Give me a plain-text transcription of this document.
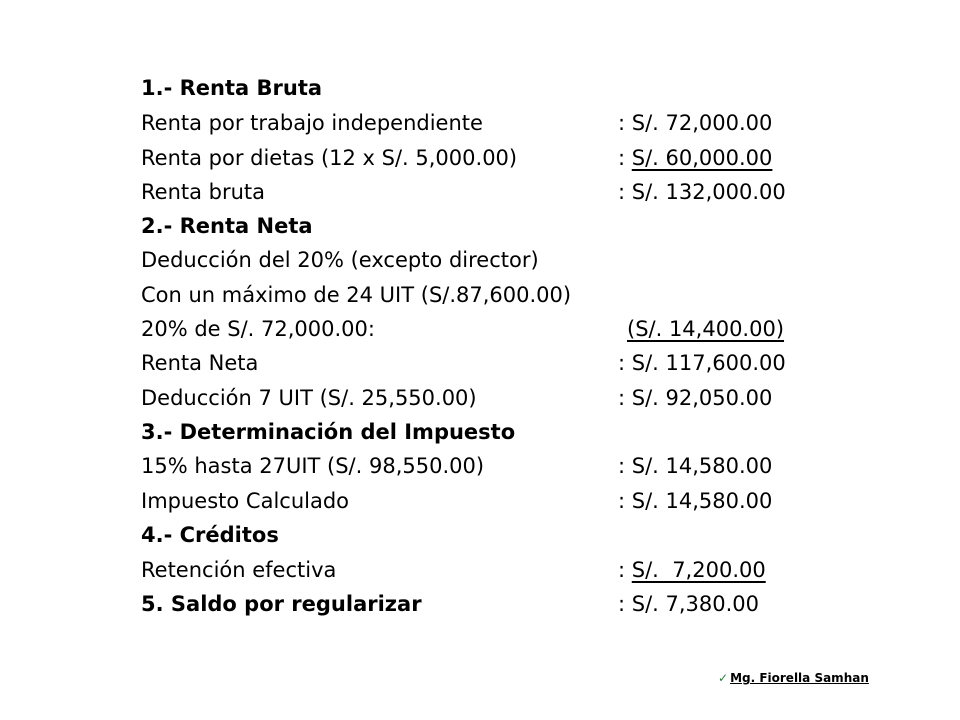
1.- Renta Bruta
Renta por trabajo independiente	: S/. 72,000.00
Renta por dietas (12 x S/. 5,000.00)	: S/. 60,000.00
Renta bruta	: S/. 132,000.00
2.- Renta Neta
Deducción del 20% (excepto director)
Con un máximo de 24 UIT (S/.87,600.00)
20% de S/. 72,000.00:	(S/. 14,400.00)
Renta Neta	: S/. 117,600.00
Deducción 7 UIT (S/. 25,550.00)	: S/. 92,050.00
3.- Determinación del Impuesto
15% hasta 27UIT (S/. 98,550.00)	: S/. 14,580.00
Impuesto Calculado	: S/. 14,580.00
4.- Créditos
Retención efectiva	: S/.  7,200.00
5. Saldo por regularizar	: S/. 7,380.00
✓ Mg. Fiorella Samhan
